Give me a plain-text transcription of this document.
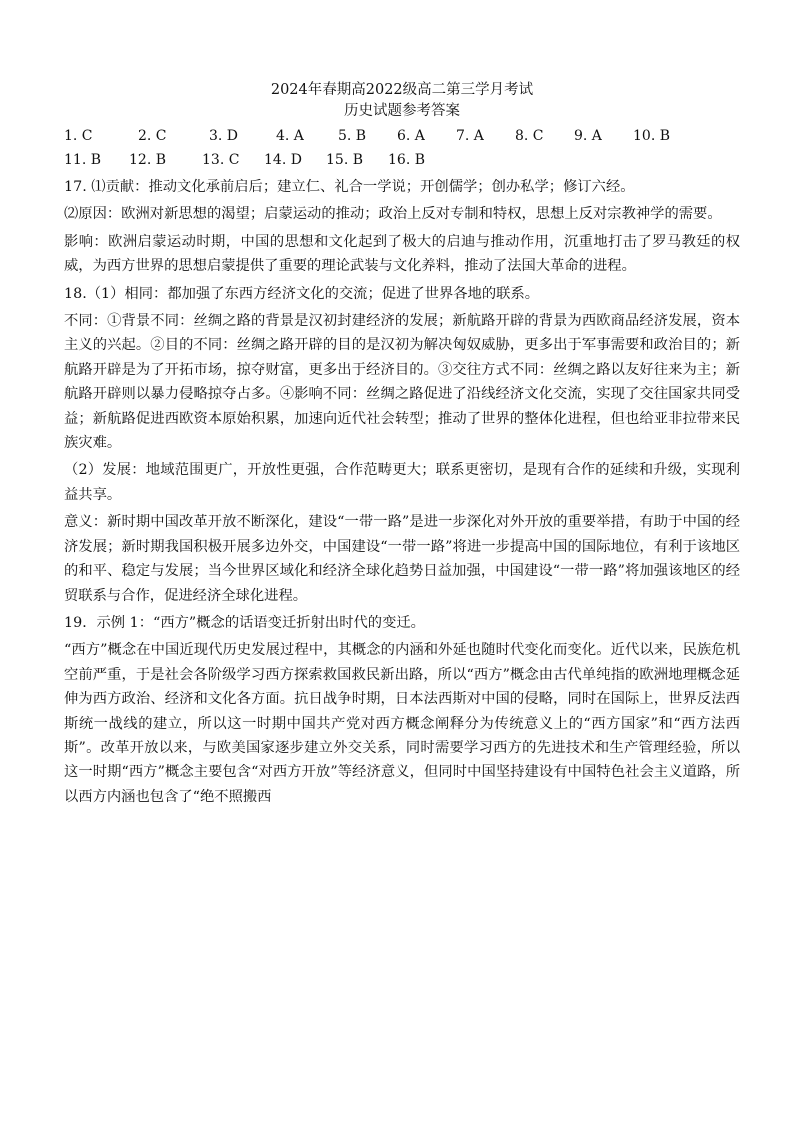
2024年春期高2022级高二第三学月考试

历史试题参考答案

1. C	2. C	3. D	4. A	5. B	6. A	7. A	8. C	9. A	10. B
11. B	12. B	13. C	14. D	15. B	16. B

17. ⑴贡献：推动文化承前启后；建立仁、礼合一学说；开创儒学；创办私学；修订六经。

⑵原因：欧洲对新思想的渴望；启蒙运动的推动；政治上反对专制和特权，思想上反对宗教神学的需要。

影响：欧洲启蒙运动时期，中国的思想和文化起到了极大的启迪与推动作用，沉重地打击了罗马教廷的权威，为西方世界的思想启蒙提供了重要的理论武装与文化养料，推动了法国大革命的进程。

18.（1）相同：都加强了东西方经济文化的交流；促进了世界各地的联系。

不同：①背景不同：丝绸之路的背景是汉初封建经济的发展；新航路开辟的背景为西欧商品经济发展，资本主义的兴起。②目的不同：丝绸之路开辟的目的是汉初为解决匈奴威胁，更多出于军事需要和政治目的；新航路开辟是为了开拓市场，掠夺财富，更多出于经济目的。③交往方式不同：丝绸之路以友好往来为主；新航路开辟则以暴力侵略掠夺占多。④影响不同：丝绸之路促进了沿线经济文化交流，实现了交往国家共同受益；新航路促进西欧资本原始积累，加速向近代社会转型；推动了世界的整体化进程，但也给亚非拉带来民族灾难。

（2）发展：地域范围更广，开放性更强，合作范畴更大；联系更密切，是现有合作的延续和升级，实现利益共享。

意义：新时期中国改革开放不断深化，建设“一带一路”是进一步深化对外开放的重要举措，有助于中国的经济发展；新时期我国积极开展多边外交，中国建设“一带一路”将进一步提高中国的国际地位，有利于该地区的和平、稳定与发展；当今世界区域化和经济全球化趋势日益加强，中国建设“一带一路”将加强该地区的经贸联系与合作，促进经济全球化进程。

19．示例 1：“西方”概念的话语变迁折射出时代的变迁。

“西方”概念在中国近现代历史发展过程中，其概念的内涵和外延也随时代变化而变化。近代以来，民族危机空前严重，于是社会各阶级学习西方探索救国救民新出路，所以“西方”概念由古代单纯指的欧洲地理概念延伸为西方政治、经济和文化各方面。抗日战争时期，日本法西斯对中国的侵略，同时在国际上，世界反法西斯统一战线的建立，所以这一时期中国共产党对西方概念阐释分为传统意义上的“西方国家”和“西方法西斯”。改革开放以来，与欧美国家逐步建立外交关系，同时需要学习西方的先进技术和生产管理经验，所以这一时期“西方”概念主要包含“对西方开放”等经济意义，但同时中国坚持建设有中国特色社会主义道路，所以西方内涵也包含了“绝不照搬西
